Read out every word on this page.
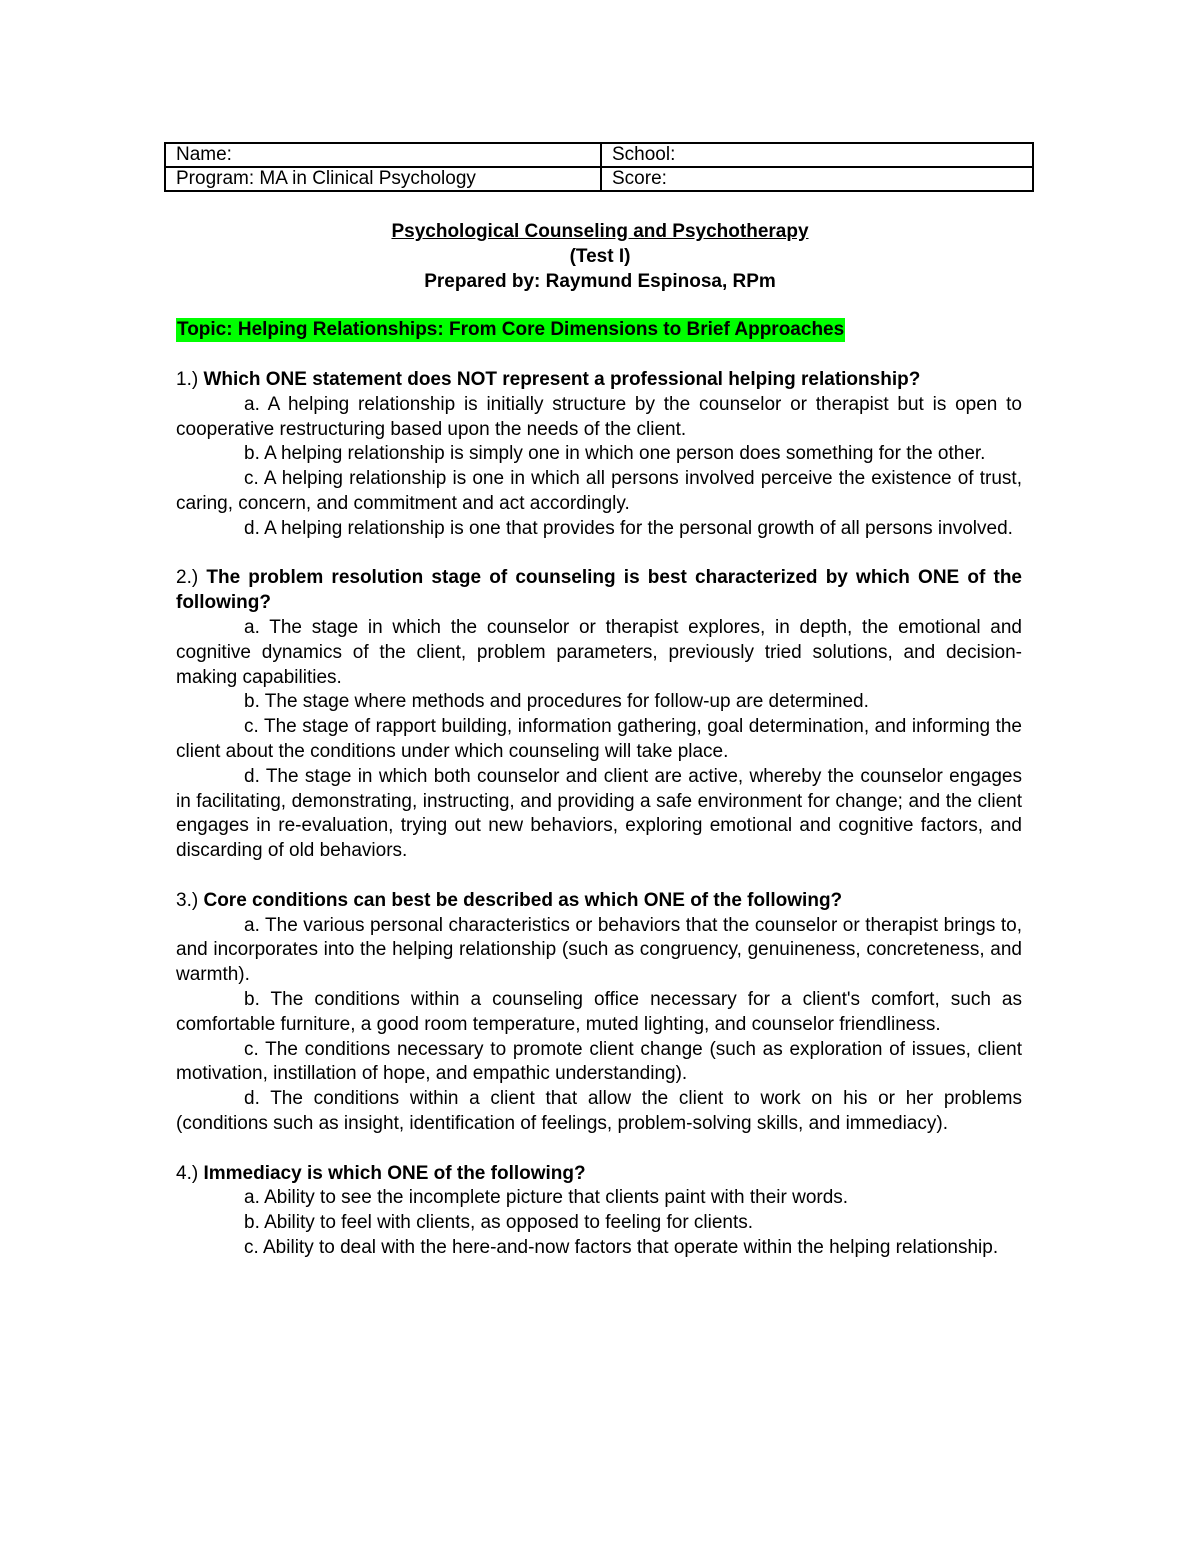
Name:	School:
Program: MA in Clinical Psychology	Score:
Psychological Counseling and Psychotherapy
(Test I)
Prepared by: Raymund Espinosa, RPm
Topic: Helping Relationships: From Core Dimensions to Brief Approaches
1.) Which ONE statement does NOT represent a professional helping relationship?

a. A helping relationship is initially structure by the counselor or therapist but is open to cooperative restructuring based upon the needs of the client.

b. A helping relationship is simply one in which one person does something for the other.

c. A helping relationship is one in which all persons involved perceive the existence of trust, caring, concern, and commitment and act accordingly.

d. A helping relationship is one that provides for the personal growth of all persons involved.

2.) The problem resolution stage of counseling is best characterized by which ONE of the following?

a. The stage in which the counselor or therapist explores, in depth, the emotional and cognitive dynamics of the client, problem parameters, previously tried solutions, and decision-making capabilities.

b. The stage where methods and procedures for follow-up are determined.

c. The stage of rapport building, information gathering, goal determination, and informing the client about the conditions under which counseling will take place.

d. The stage in which both counselor and client are active, whereby the counselor engages in facilitating, demonstrating, instructing, and providing a safe environment for change; and the client engages in re-evaluation, trying out new behaviors, exploring emotional and cognitive factors, and discarding of old behaviors.

3.) Core conditions can best be described as which ONE of the following?

a. The various personal characteristics or behaviors that the counselor or therapist brings to, and incorporates into the helping relationship (such as congruency, genuineness, concreteness, and warmth).

b. The conditions within a counseling office necessary for a client's comfort, such as comfortable furniture, a good room temperature, muted lighting, and counselor friendliness.

c. The conditions necessary to promote client change (such as exploration of issues, client motivation, instillation of hope, and empathic understanding).

d. The conditions within a client that allow the client to work on his or her problems (conditions such as insight, identification of feelings, problem-solving skills, and immediacy).

4.) Immediacy is which ONE of the following?

a. Ability to see the incomplete picture that clients paint with their words.

b. Ability to feel with clients, as opposed to feeling for clients.

c. Ability to deal with the here-and-now factors that operate within the helping relationship.
